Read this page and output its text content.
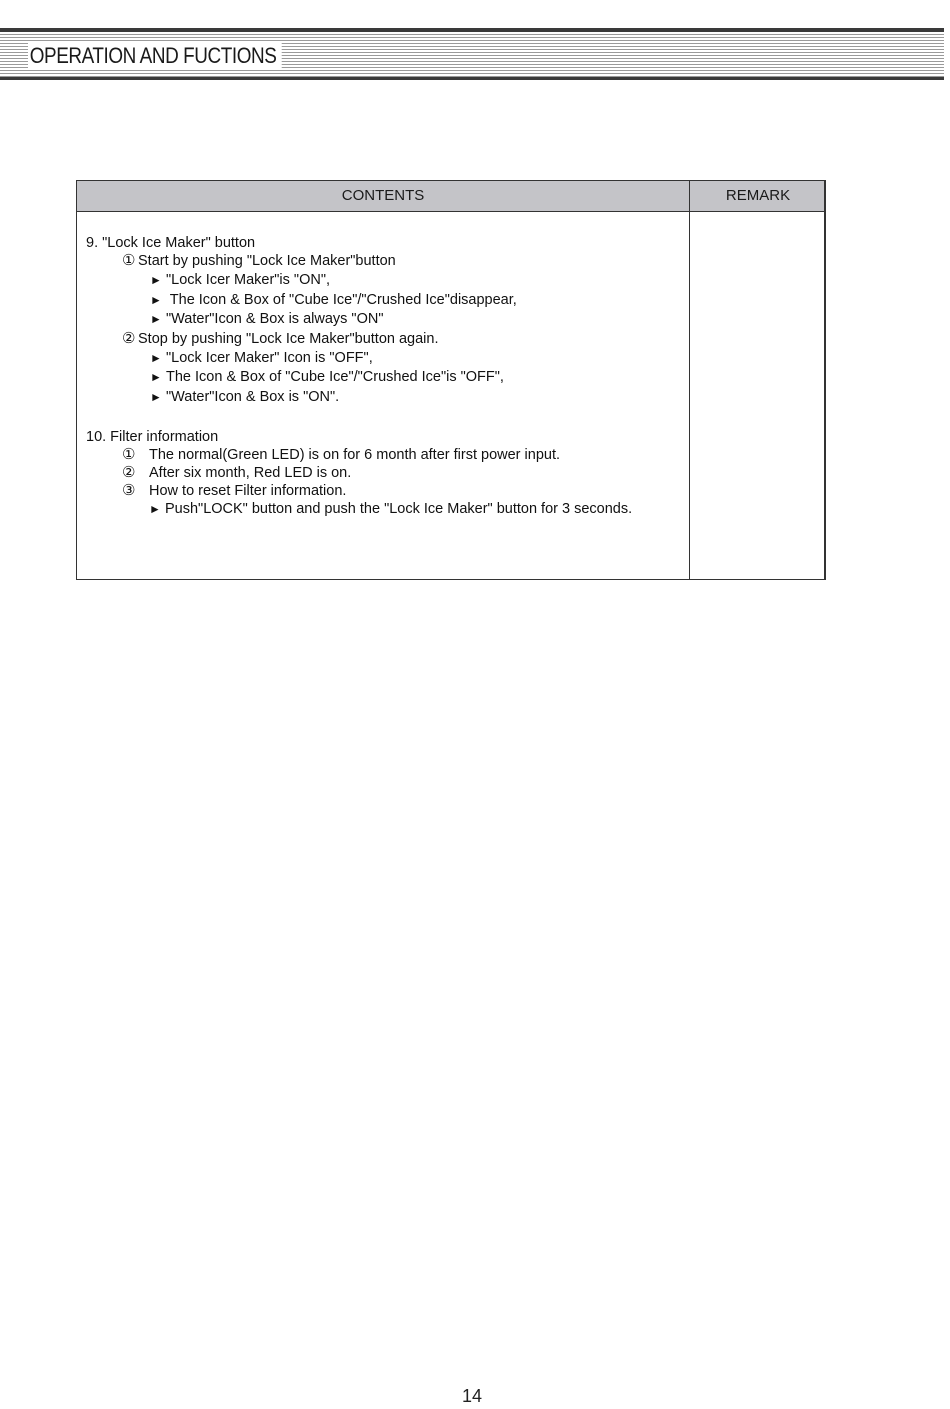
OPERATION AND FUCTIONS
CONTENTS	REMARK
9. "Lock Ice Maker" button
① Start by pushing "Lock Ice Maker"button
► "Lock Icer Maker"is "ON",
► The Icon & Box of "Cube Ice"/"Crushed Ice"disappear,
► "Water"Icon & Box is always "ON"
② Stop by pushing "Lock Ice Maker"button again.
► "Lock Icer Maker" Icon is "OFF",
► The Icon & Box of "Cube Ice"/"Crushed Ice"is "OFF",
► "Water"Icon & Box is "ON".
10. Filter information
① The normal(Green LED) is on for 6 month after first power input.
② After six month, Red LED is on.
③ How to reset Filter information.
► Push"LOCK" button and push the "Lock Ice Maker" button for 3 seconds.
14
